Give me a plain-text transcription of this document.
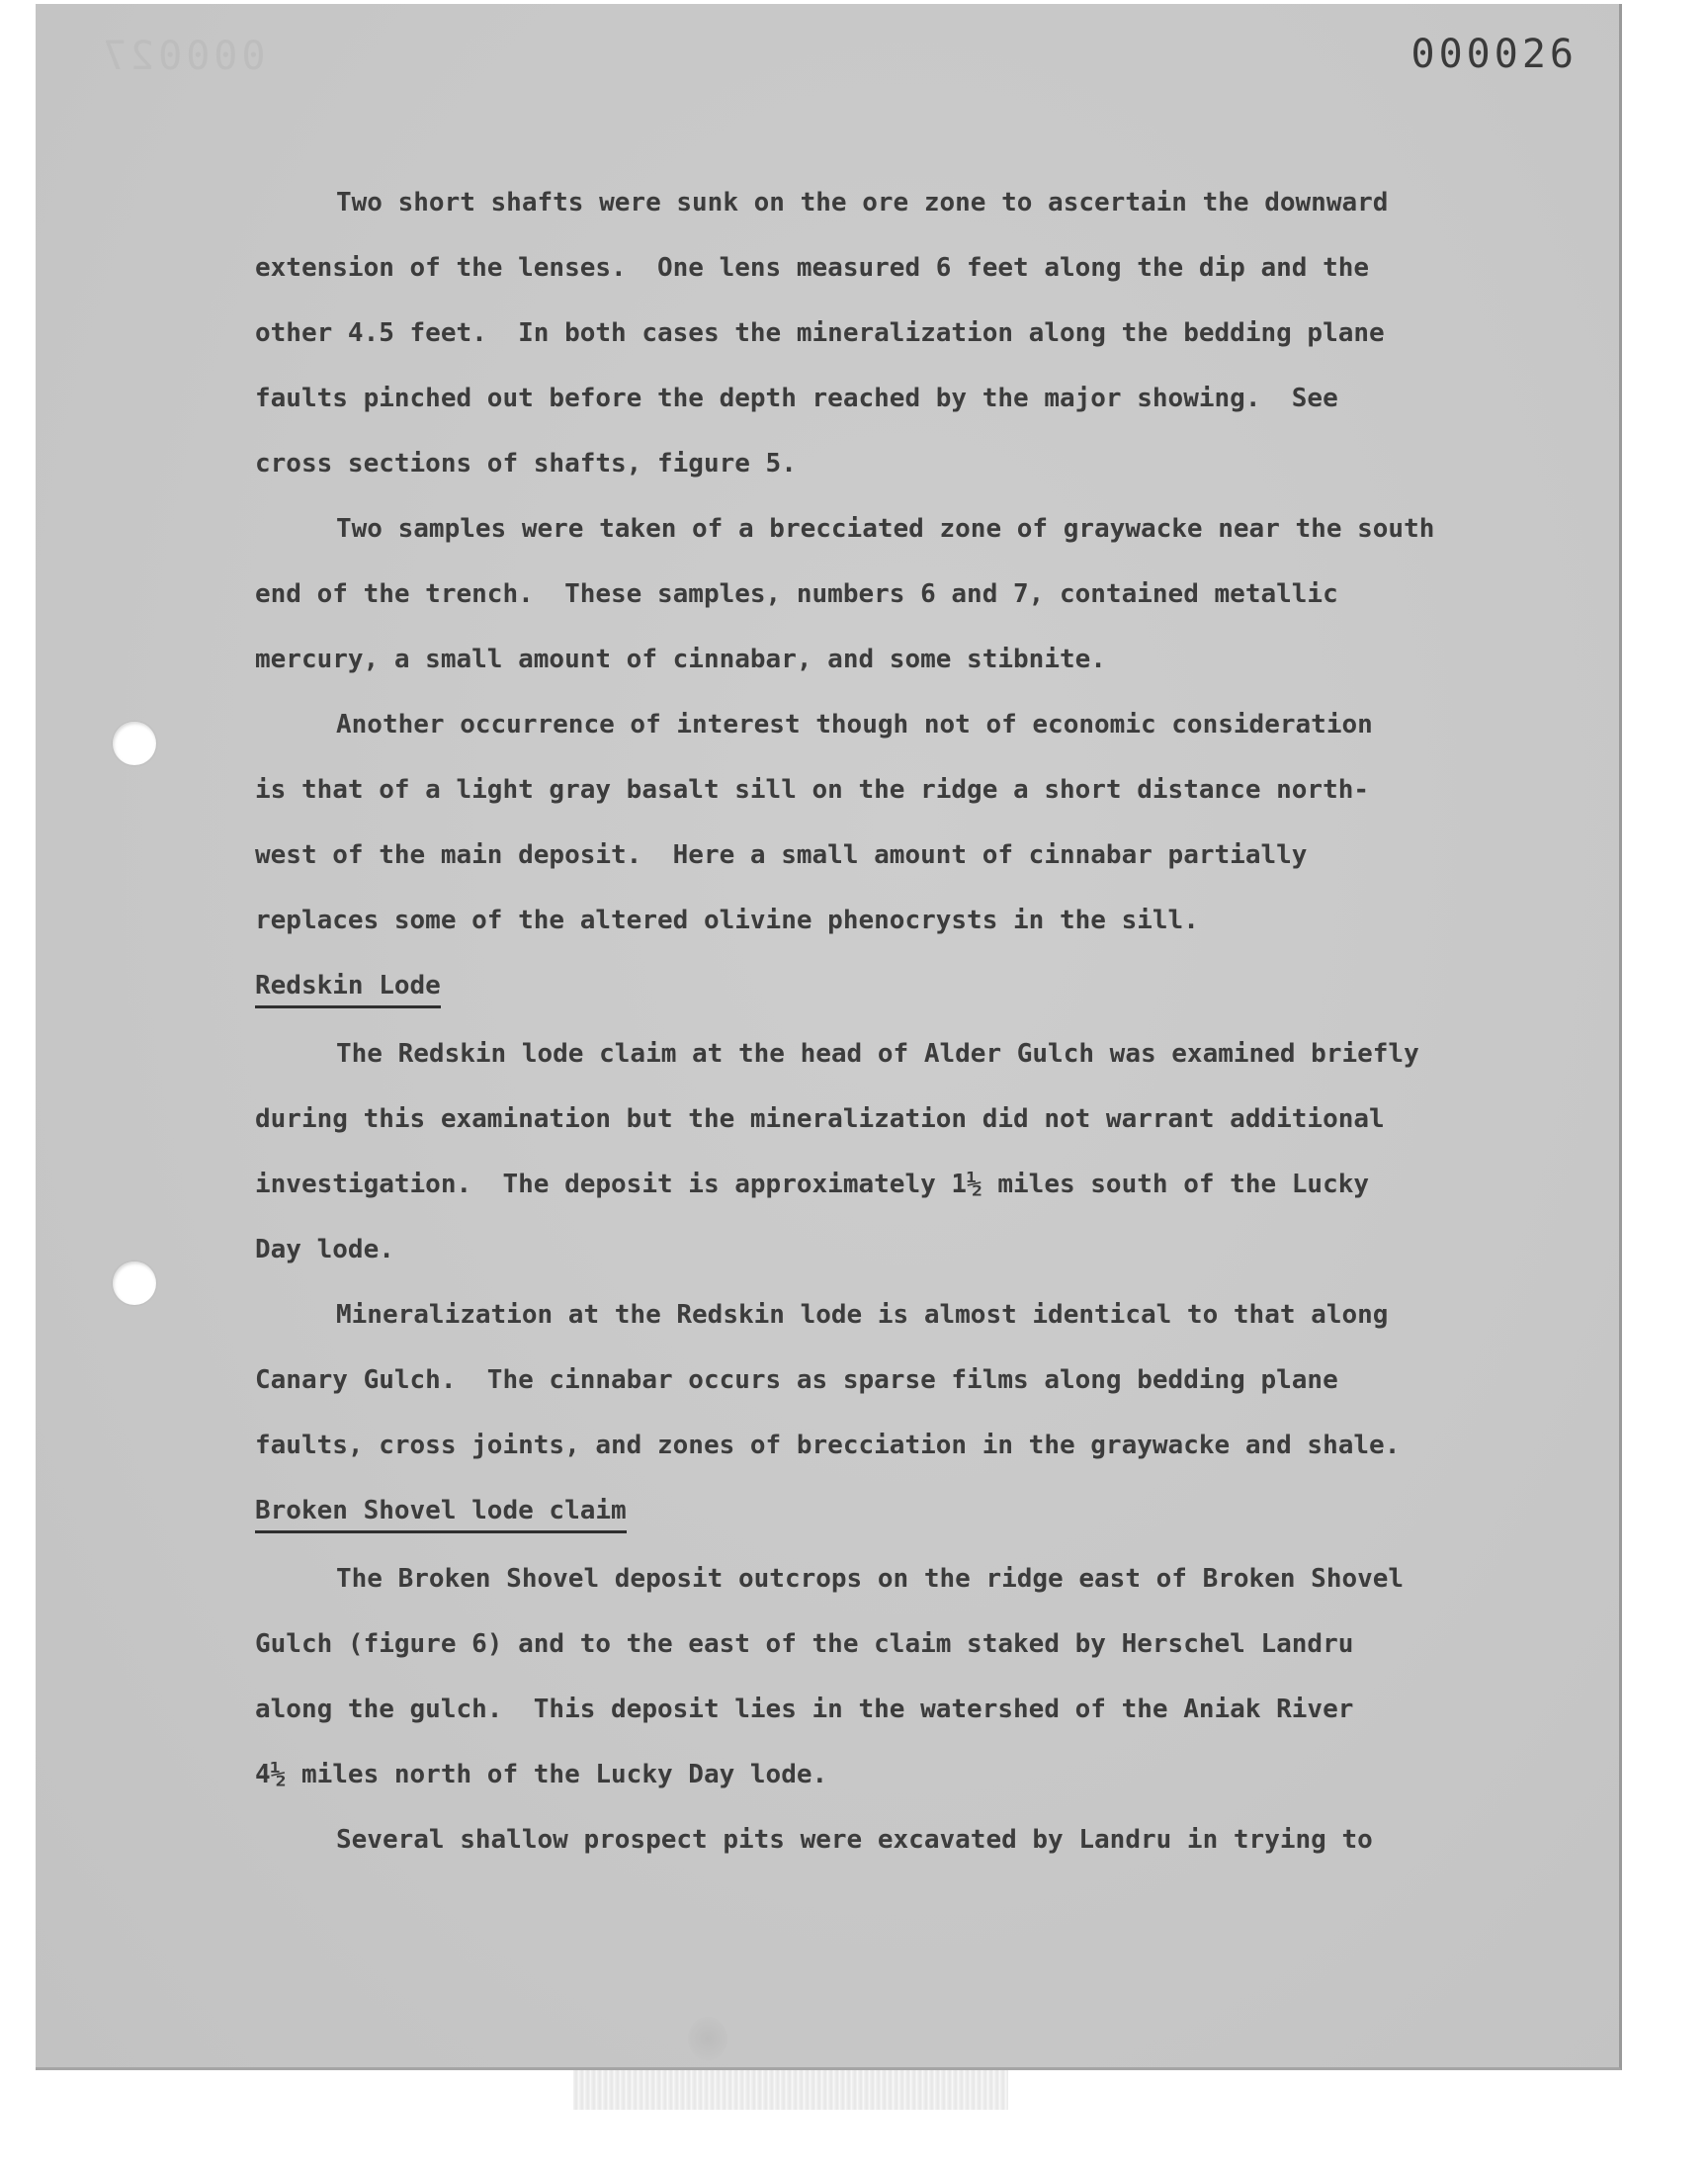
000027	000026
Two short shafts were sunk on the ore zone to ascertain the downward
extension of the lenses.  One lens measured 6 feet along the dip and the
other 4.5 feet.  In both cases the mineralization along the bedding plane
faults pinched out before the depth reached by the major showing.  See
cross sections of shafts, figure 5.
Two samples were taken of a brecciated zone of graywacke near the south
end of the trench.  These samples, numbers 6 and 7, contained metallic
mercury, a small amount of cinnabar, and some stibnite.
Another occurrence of interest though not of economic consideration
is that of a light gray basalt sill on the ridge a short distance north-
west of the main deposit.  Here a small amount of cinnabar partially
replaces some of the altered olivine phenocrysts in the sill.
Redskin Lode
The Redskin lode claim at the head of Alder Gulch was examined briefly
during this examination but the mineralization did not warrant additional
investigation.  The deposit is approximately 1½ miles south of the Lucky
Day lode.
Mineralization at the Redskin lode is almost identical to that along
Canary Gulch.  The cinnabar occurs as sparse films along bedding plane
faults, cross joints, and zones of brecciation in the graywacke and shale.
Broken Shovel lode claim
The Broken Shovel deposit outcrops on the ridge east of Broken Shovel
Gulch (figure 6) and to the east of the claim staked by Herschel Landru
along the gulch.  This deposit lies in the watershed of the Aniak River
4½ miles north of the Lucky Day lode.
Several shallow prospect pits were excavated by Landru in trying to
